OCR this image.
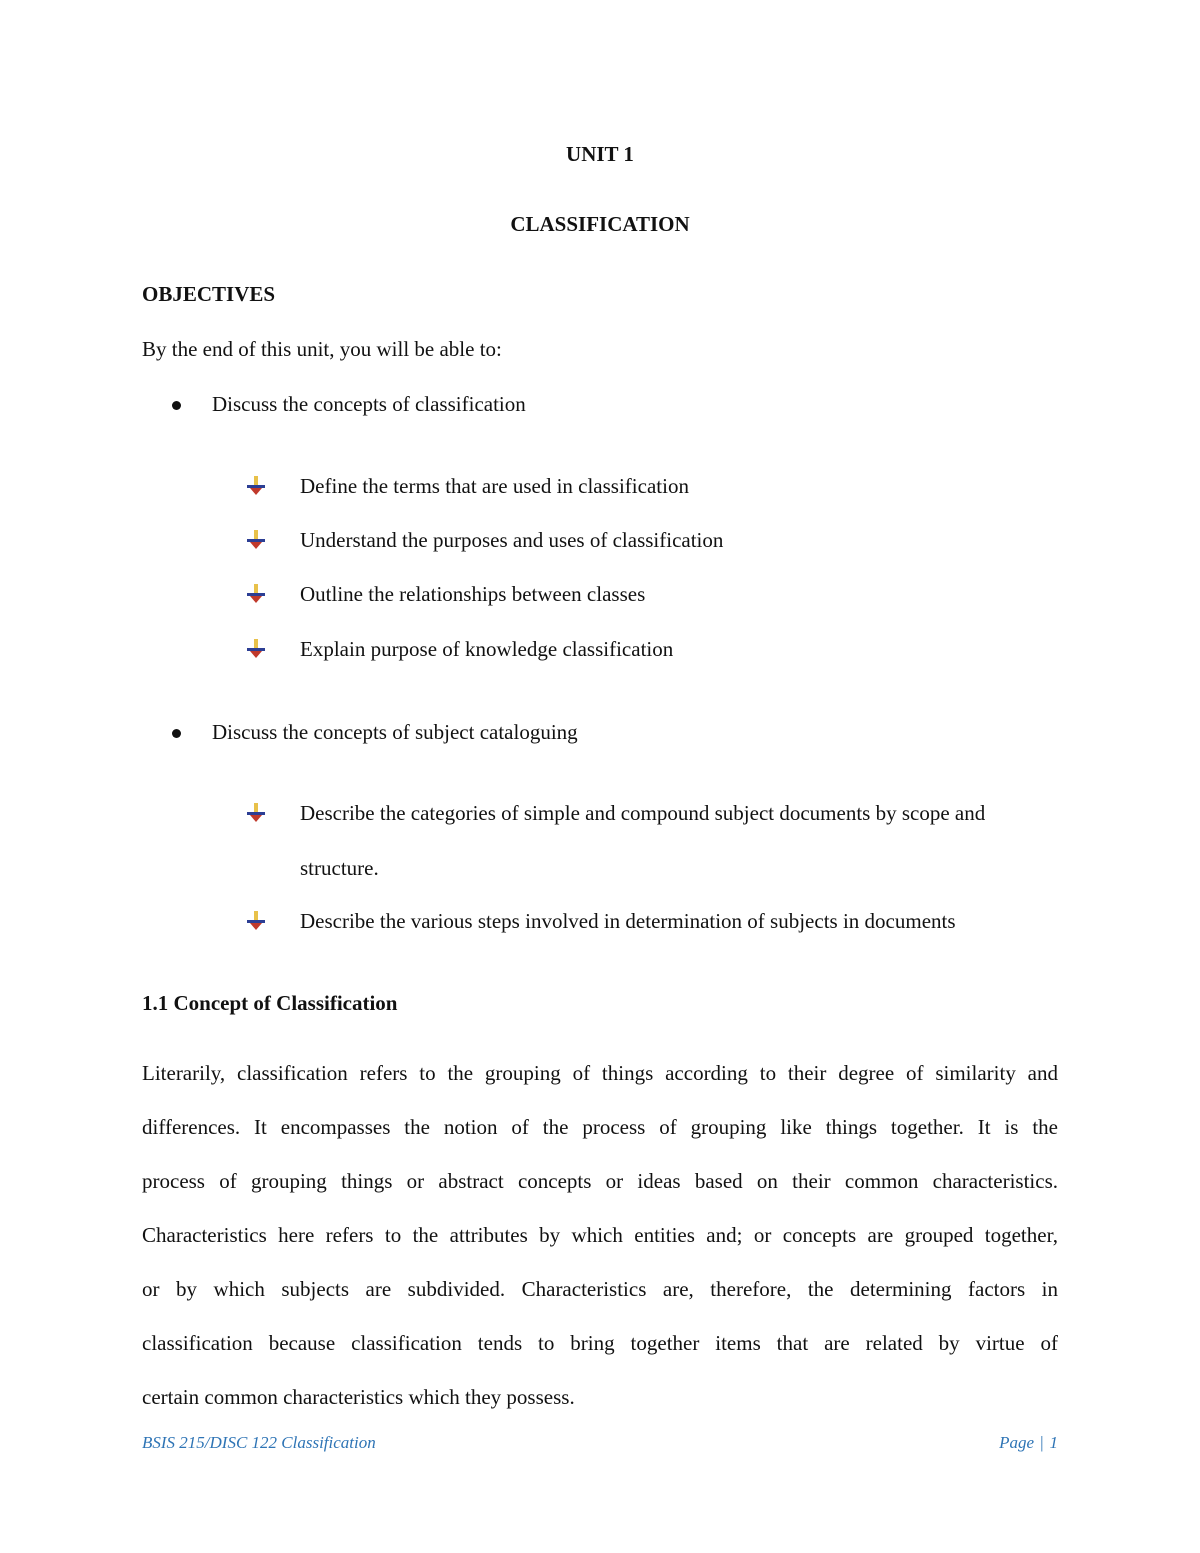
UNIT 1
CLASSIFICATION
OBJECTIVES
By the end of this unit, you will be able to:
Discuss the concepts of classification
Define the terms that are used in classification
Understand the purposes and uses of classification
Outline the relationships between classes
Explain purpose of knowledge classification
Discuss the concepts of subject cataloguing
Describe the categories of simple and compound subject documents by scope and
structure.
Describe the various steps involved in determination of subjects in documents
1.1 Concept of Classification
Literarily, classification refers to the grouping of things according to their degree of similarity and
differences. It encompasses the notion of the process of grouping like things together. It is the
process of grouping things or abstract concepts or ideas based on their common characteristics.
Characteristics here refers to the attributes by which entities and; or concepts are grouped together,
or by which subjects are subdivided. Characteristics are, therefore, the determining factors in
classification because classification tends to bring together items that are related by virtue of
certain common characteristics which they possess.
BSIS 215/DISC 122 Classification	Page | 1
